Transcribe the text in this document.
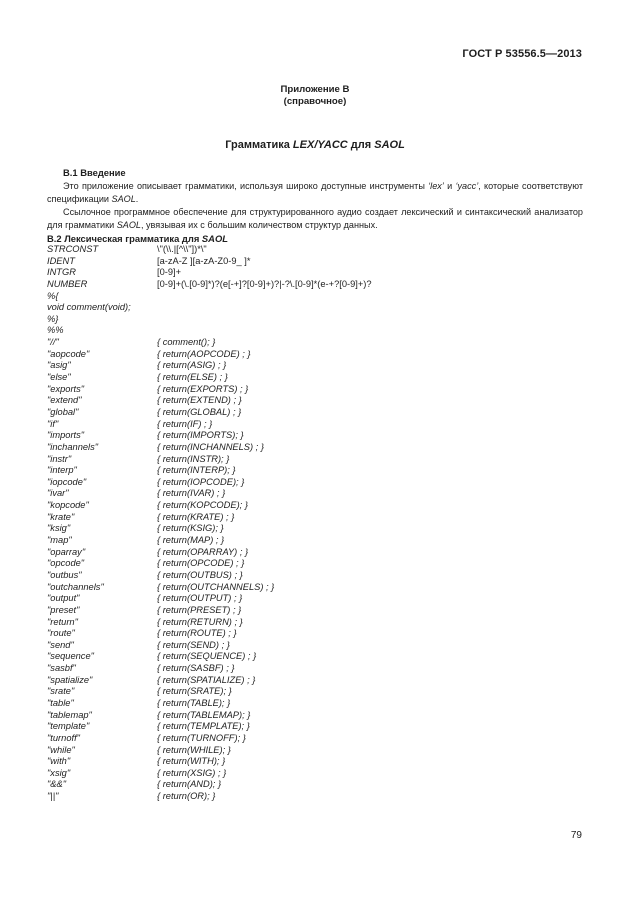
ГОСТ Р 53556.5—2013
Приложение В
(справочное)
Грамматика LEX/YACC для SAOL
В.1 Введение
Это приложение описывает грамматики, используя широко доступные инструменты ‘lex’ и ‘yacc’, которые соответствуют спецификации SAOL.
Ссылочное программное обеспечение для структурированного аудио создает лексический и синтаксический анализатор для грамматики SAOL, увязывая их с большим количеством структур данных.
В.2 Лексическая грамматика для SAOL
STRCONST	\"(\\.|[^\\"])*\"
IDENT	[a-zA-Z ][a-zA-Z0-9_ ]*
INTGR	[0-9]+
NUMBER	[0-9]+(\.[0-9]*)?(e[-+]?[0-9]+)?|-?\.[0-9]*(e-+?[0-9]+)?
%{
void comment(void);
%}
%%
"//"	{ comment(); }
"aopcode"	{ return(AOPCODE) ; }
"asig"	{ return(ASIG) ; }
"else"	{ return(ELSE) ; }
"exports"	{ return(EXPORTS) ; }
"extend"	{ return(EXTEND) ; }
"global"	{ return(GLOBAL) ; }
"if"	{ return(IF) ; }
"imports"	{ return(IMPORTS); }
"inchannels"	{ return(INCHANNELS) ; }
"instr"	{ return(INSTR); }
"interp"	{ return(INTERP); }
"iopcode"	{ return(IOPCODE); }
"ivar"	{ return(IVAR) ; }
"kopcode"	{ return(KOPCODE); }
"krate"	{ return(KRATE) ; }
"ksig"	{ return(KSIG); }
"map"	{ return(MAP) ; }
"oparray"	{ return(OPARRAY) ; }
"opcode"	{ return(OPCODE) ; }
"outbus"	{ return(OUTBUS) ; }
"outchannels"	{ return(OUTCHANNELS) ; }
"output"	{ return(OUTPUT) ; }
"preset"	{ return(PRESET) ; }
"return"	{ return(RETURN) ; }
"route"	{ return(ROUTE) ; }
"send"	{ return(SEND) ; }
"sequence"	{ return(SEQUENCE) ; }
"sasbf"	{ return(SASBF) ; }
"spatialize"	{ return(SPATIALIZE) ; }
"srate"	{ return(SRATE); }
"table"	{ return(TABLE); }
"tablemap"	{ return(TABLEMAP); }
"template"	{ return(TEMPLATE); }
"turnoff"	{ return(TURNOFF); }
"while"	{ return(WHILE); }
"with"	{ return(WITH); }
"xsig"	{ return(XSIG) ; }
"&&"	{ return(AND); }
"||"	{ return(OR); }
79
